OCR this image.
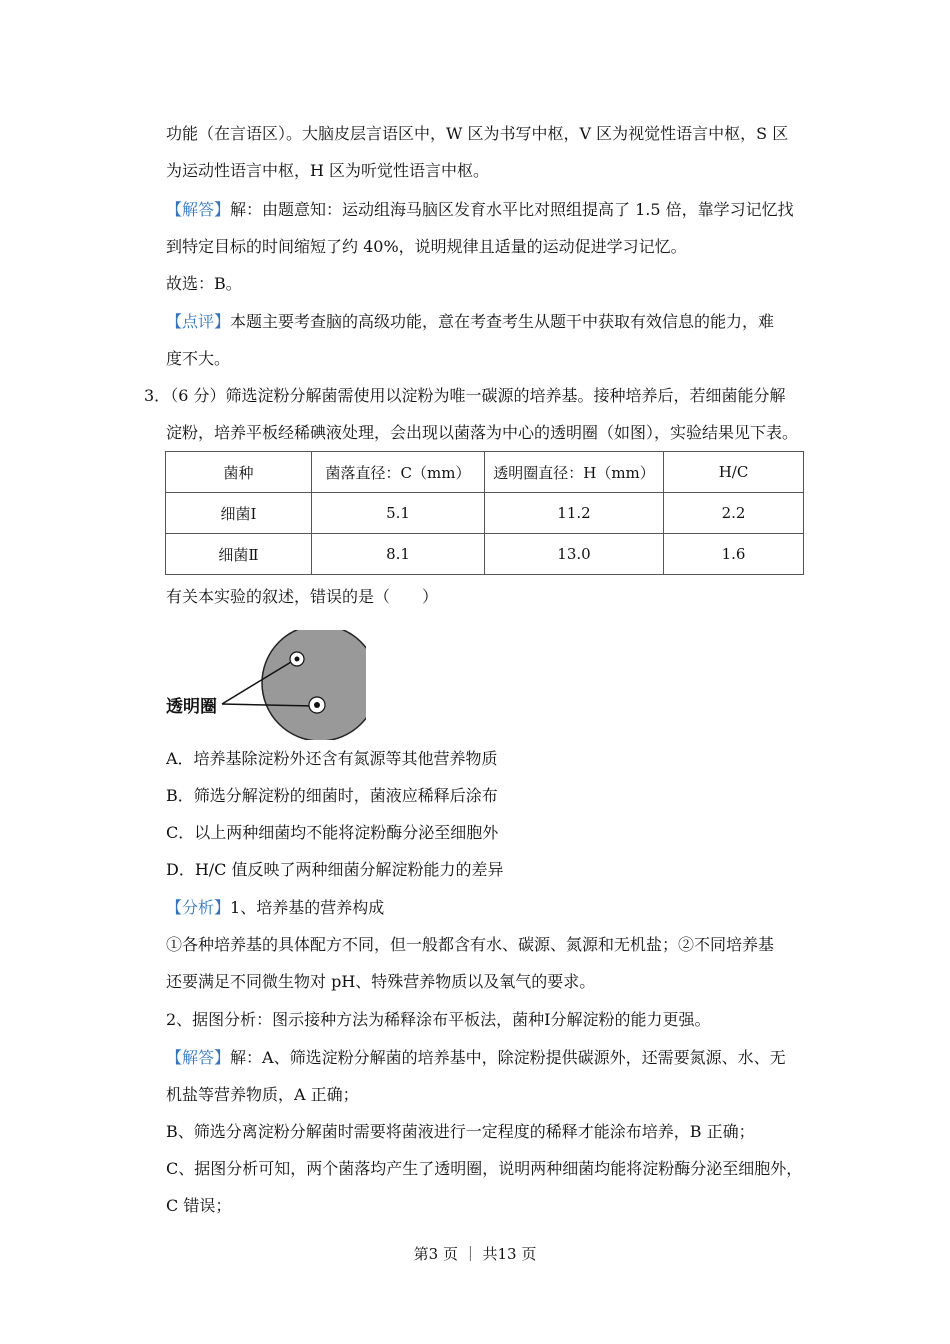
功能（在言语区）。大脑皮层言语区中，W 区为书写中枢，V 区为视觉性语言中枢，S 区
为运动性语言中枢，H 区为听觉性语言中枢。
【解答】解：由题意知：运动组海马脑区发育水平比对照组提高了 1.5 倍，靠学习记忆找
到特定目标的时间缩短了约 40%，说明规律且适量的运动促进学习记忆。
故选：B。
【点评】本题主要考查脑的高级功能，意在考查考生从题干中获取有效信息的能力，难
度不大。
3．（6 分）筛选淀粉分解菌需使用以淀粉为唯一碳源的培养基。接种培养后，若细菌能分解
淀粉，培养平板经稀碘液处理，会出现以菌落为中心的透明圈（如图），实验结果见下表。
菌种	菌落直径：C（mm）	透明圈直径：H（mm）	H/C
细菌Ⅰ	5.1	11.2	2.2
细菌Ⅱ	8.1	13.0	1.6
有关本实验的叙述，错误的是（　　）
透明圈
A．培养基除淀粉外还含有氮源等其他营养物质
B．筛选分解淀粉的细菌时，菌液应稀释后涂布
C．以上两种细菌均不能将淀粉酶分泌至细胞外
D．H/C 值反映了两种细菌分解淀粉能力的差异
【分析】1、培养基的营养构成
①各种培养基的具体配方不同，但一般都含有水、碳源、氮源和无机盐；②不同培养基
还要满足不同微生物对 pH、特殊营养物质以及氧气的要求。
2、据图分析：图示接种方法为稀释涂布平板法，菌种Ⅰ分解淀粉的能力更强。
【解答】解：A、筛选淀粉分解菌的培养基中，除淀粉提供碳源外，还需要氮源、水、无
机盐等营养物质，A 正确；
B、筛选分离淀粉分解菌时需要将菌液进行一定程度的稀释才能涂布培养，B 正确；
C、据图分析可知，两个菌落均产生了透明圈，说明两种细菌均能将淀粉酶分泌至细胞外，
C 错误；
第3 页 ｜ 共13 页
